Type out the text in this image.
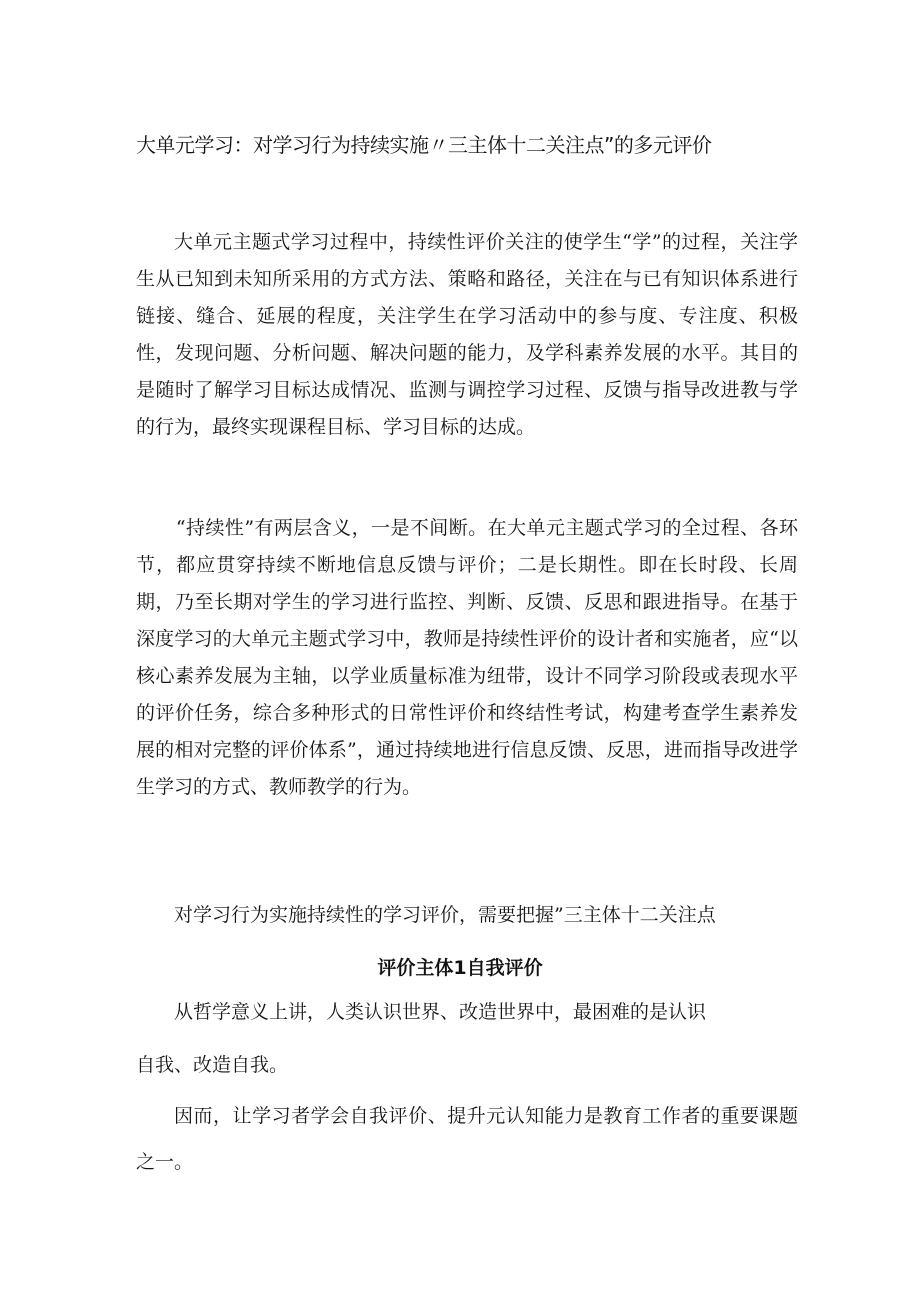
大单元学习：对学习行为持续实施〃三主体十二关注点”的多元评价

大单元主题式学习过程中，持续性评价关注的使学生“学”的过程，关注学生从已知到未知所采用的方式方法、策略和路径，关注在与已有知识体系进行链接、缝合、延展的程度，关注学生在学习活动中的参与度、专注度、积极性，发现问题、分析问题、解决问题的能力，及学科素养发展的水平。其目的是随时了解学习目标达成情况、监测与调控学习过程、反馈与指导改进教与学的行为，最终实现课程目标、学习目标的达成。

“持续性”有两层含义，一是不间断。在大单元主题式学习的全过程、各环节，都应贯穿持续不断地信息反馈与评价；二是长期性。即在长时段、长周期，乃至长期对学生的学习进行监控、判断、反馈、反思和跟进指导。在基于深度学习的大单元主题式学习中，教师是持续性评价的设计者和实施者，应“以核心素养发展为主轴，以学业质量标准为纽带，设计不同学习阶段或表现水平的评价任务，综合多种形式的日常性评价和终结性考试，构建考查学生素养发展的相对完整的评价体系”，通过持续地进行信息反馈、反思，进而指导改进学生学习的方式、教师教学的行为。

对学习行为实施持续性的学习评价，需要把握”三主体十二关注点

评价主体1自我评价
从哲学意义上讲，人类认识世界、改造世界中，最困难的是认识
自我、改造自我。

因而，让学习者学会自我评价、提升元认知能力是教育工作者的重要课题之一。
